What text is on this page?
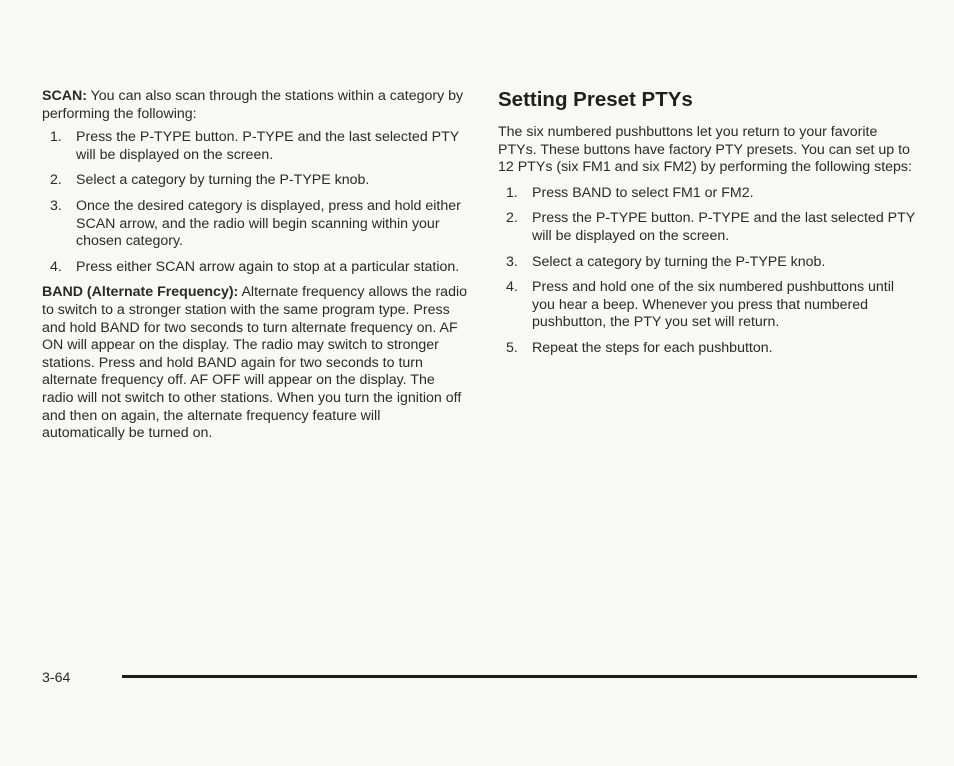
SCAN: You can also scan through the stations within a category by performing the following:

1. Press the P-TYPE button. P-TYPE and the last selected PTY will be displayed on the screen.
2. Select a category by turning the P-TYPE knob.
3. Once the desired category is displayed, press and hold either SCAN arrow, and the radio will begin scanning within your chosen category.
4. Press either SCAN arrow again to stop at a particular station.

BAND (Alternate Frequency): Alternate frequency allows the radio to switch to a stronger station with the same program type. Press and hold BAND for two seconds to turn alternate frequency on. AF ON will appear on the display. The radio may switch to stronger stations. Press and hold BAND again for two seconds to turn alternate frequency off. AF OFF will appear on the display. The radio will not switch to other stations. When you turn the ignition off and then on again, the alternate frequency feature will automatically be turned on.

Setting Preset PTYs

The six numbered pushbuttons let you return to your favorite PTYs. These buttons have factory PTY presets. You can set up to 12 PTYs (six FM1 and six FM2) by performing the following steps:

1. Press BAND to select FM1 or FM2.
2. Press the P-TYPE button. P-TYPE and the last selected PTY will be displayed on the screen.
3. Select a category by turning the P-TYPE knob.
4. Press and hold one of the six numbered pushbuttons until you hear a beep. Whenever you press that numbered pushbutton, the PTY you set will return.
5. Repeat the steps for each pushbutton.
3-64
